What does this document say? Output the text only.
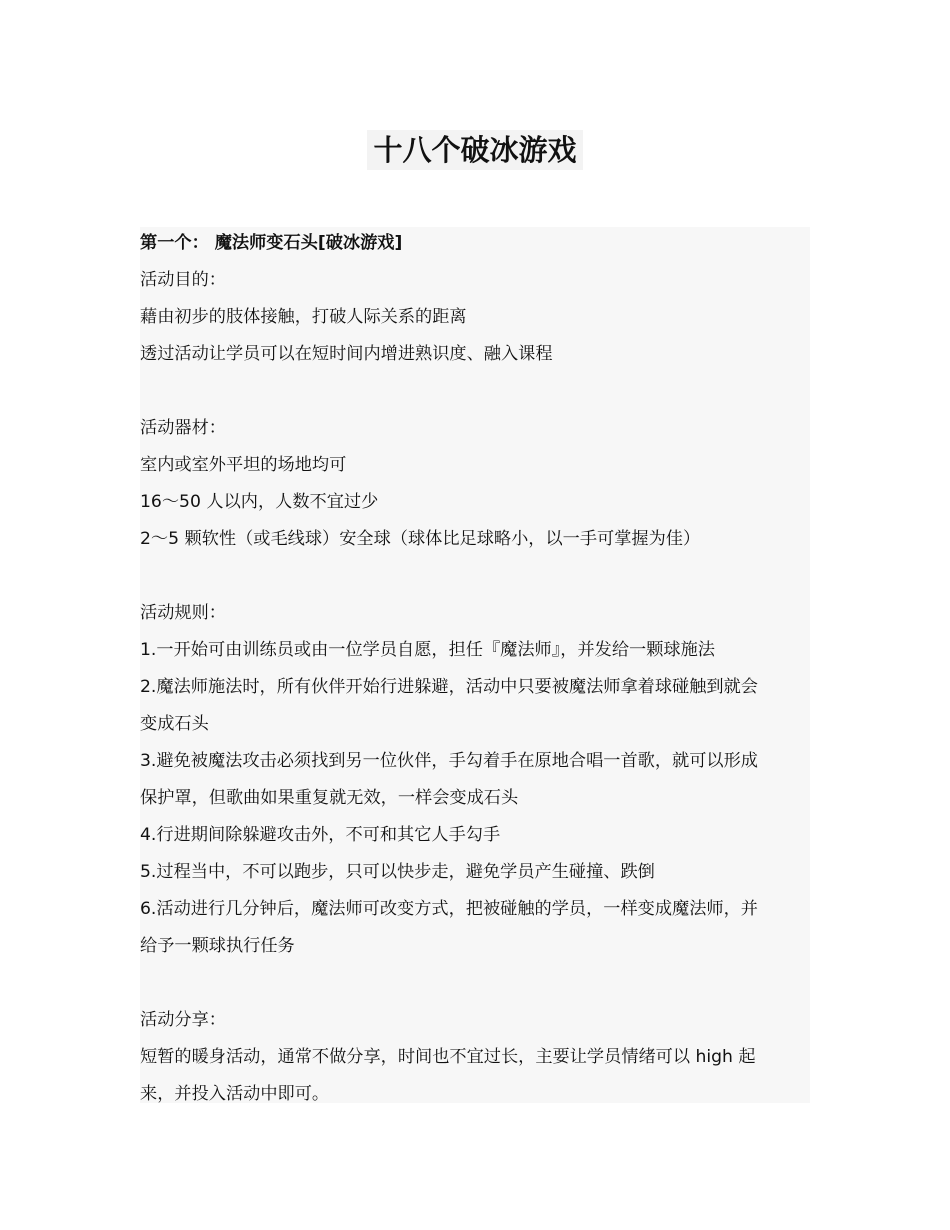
十八个破冰游戏
第一个： 魔法师变石头[破冰游戏]
活动目的：
藉由初步的肢体接触，打破人际关系的距离
透过活动让学员可以在短时间内增进熟识度、融入课程
活动器材：
室内或室外平坦的场地均可
16～50 人以内，人数不宜过少
2～5 颗软性（或毛线球）安全球（球体比足球略小，以一手可掌握为佳）
活动规则：
1.一开始可由训练员或由一位学员自愿，担任『魔法师』，并发给一颗球施法
2.魔法师施法时，所有伙伴开始行进躲避，活动中只要被魔法师拿着球碰触到就会
变成石头
3.避免被魔法攻击必须找到另一位伙伴，手勾着手在原地合唱一首歌，就可以形成
保护罩，但歌曲如果重复就无效，一样会变成石头
4.行进期间除躲避攻击外，不可和其它人手勾手
5.过程当中，不可以跑步，只可以快步走，避免学员产生碰撞、跌倒
6.活动进行几分钟后，魔法师可改变方式，把被碰触的学员，一样变成魔法师，并
给予一颗球执行任务
活动分享：
短暂的暖身活动，通常不做分享，时间也不宜过长，主要让学员情绪可以 high 起
来，并投入活动中即可。
